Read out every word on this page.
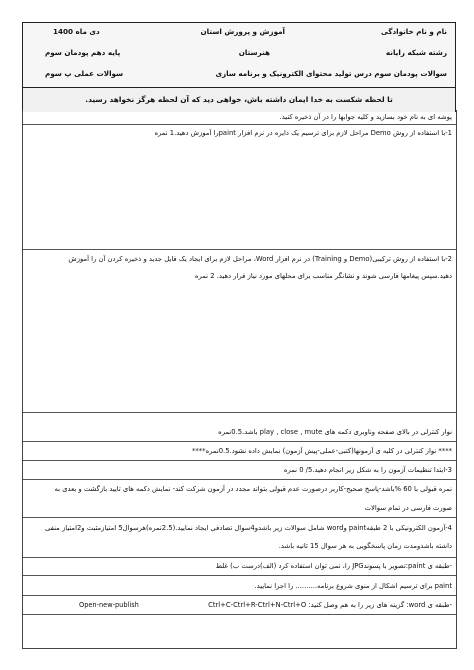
نام و نام خانوادگی
آموزش و پرورش استان
دی ماه 1400
رشته شبکه رایانه
هنرستان
پایه دهم پودمان سوم
سوالات پودمان سوم درس تولید محتوای الکترونیک و برنامه سازی
سوالات عملی پ سوم
تا لحظه شکست به خدا ایمان داشته باش، خواهی دید که آن لحظه هرگز نخواهد رسید.
پوشه ای به نام خود بسازید و کلیه جوابها را در آن ذخیره کنید.
1-با استفاده از روش Demo مراحل لازم برای ترسیم یک دایره در نرم افزار paintرا آموزش دهید.1 نمره
2-با استفاده از روش ترکیبی(Demo و Training) در نرم افزار Word، مراحل لازم برای ایجاد یک فایل جدید و ذخیره کردن آن را آموزش
دهید.سپس پیغامها فارسی شوند و نشانگر مناسب برای محلهای مورد نیاز قرار دهید. 2 نمره
نوار کنترلی در بالای صفحه وناوبری دکمه های play , close , mute باشد.0.5نمره
**** نوار کنترلی در کلیه ی آزمونها(کتبی-عملی-پیش آزمون) نمایش داده نشود.0.5نمره****
3-ابتدا تنظیمات آزمون را به شکل زیر انجام دهید.5/ 0 نمره
نمره قبولی با 60 %باشد-پاسخ صحیح-کاربر درصورت عدم قبولی بتواند مجدد در آزمون شرکت کند- نمایش دکمه های تایید بازگشت و بعدی به
صورت فارسی در تمام سوالات
4-آزمون الکترونیکی با 2 طبقهpaint وword شامل سوالات زیر باشدو4سوال تصادفی ایجاد نمایید.(2.5نمره)هرسوال5 امتیازمثبت و2امتیاز منفی
داشته باشدومدت زمان پاسخگویی به هر سوال 15 ثانیه باشد.
-طبقه ی paint:تصویر با پسوندJPG را، نمی توان استفاده کرد (الف)درست ب) غلط
paint برای ترسیم اشکال از منوی شروع برنامه.......... را اجرا نمایید.
-طبقه ی word: گزینه های زیر را به هم وصل کنید: Ctrl+C-Ctrl+R-Ctrl+N-Ctrl+O
Open-new-publish
